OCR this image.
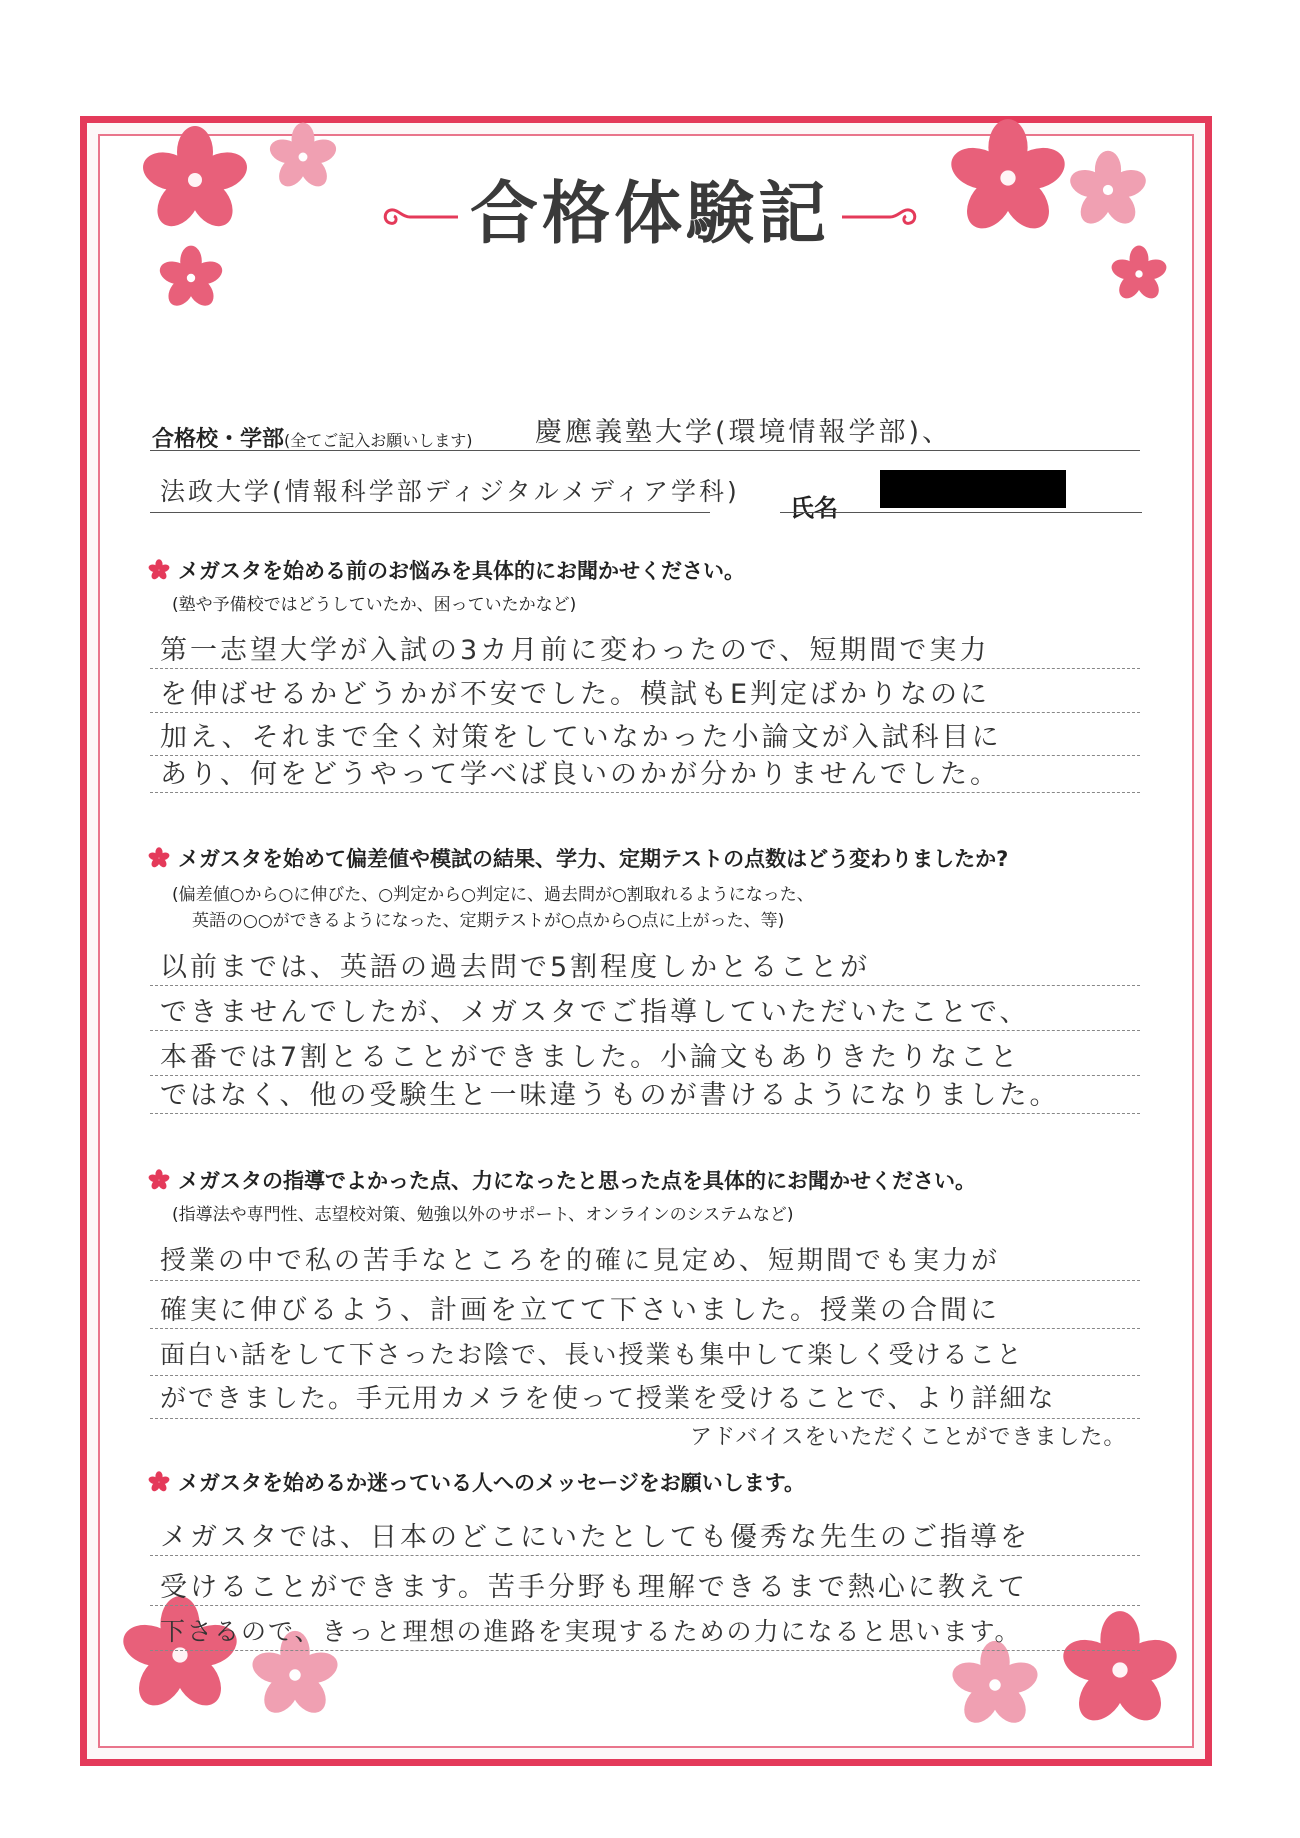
合格体験記
合格校・学部(全てご記入お願いします) 慶應義塾大学(環境情報学部)、
法政大学(情報科学部ディジタルメディア学科)
氏名
メガスタを始める前のお悩みを具体的にお聞かせください。
(塾や予備校ではどうしていたか、困っていたかなど)
第一志望大学が入試の3カ月前に変わったので、短期間で実力
を伸ばせるかどうかが不安でした。模試もE判定ばかりなのに
加え、それまで全く対策をしていなかった小論文が入試科目に
あり、何をどうやって学べば良いのかが分かりませんでした。
メガスタを始めて偏差値や模試の結果、学力、定期テストの点数はどう変わりましたか?
(偏差値○から○に伸びた、○判定から○判定に、過去問が○割取れるようになった、
英語の○○ができるようになった、定期テストが○点から○点に上がった、等)
以前までは、英語の過去問で5割程度しかとることが
できませんでしたが、メガスタでご指導していただいたことで、
本番では7割とることができました。小論文もありきたりなこと
ではなく、他の受験生と一味違うものが書けるようになりました。
メガスタの指導でよかった点、力になったと思った点を具体的にお聞かせください。
(指導法や専門性、志望校対策、勉強以外のサポート、オンラインのシステムなど)
授業の中で私の苦手なところを的確に見定め、短期間でも実力が
確実に伸びるよう、計画を立てて下さいました。授業の合間に
面白い話をして下さったお陰で、長い授業も集中して楽しく受けること
ができました。手元用カメラを使って授業を受けることで、より詳細な
アドバイスをいただくことができました。
メガスタを始めるか迷っている人へのメッセージをお願いします。
メガスタでは、日本のどこにいたとしても優秀な先生のご指導を
受けることができます。苦手分野も理解できるまで熱心に教えて
下さるので、きっと理想の進路を実現するための力になると思います。
